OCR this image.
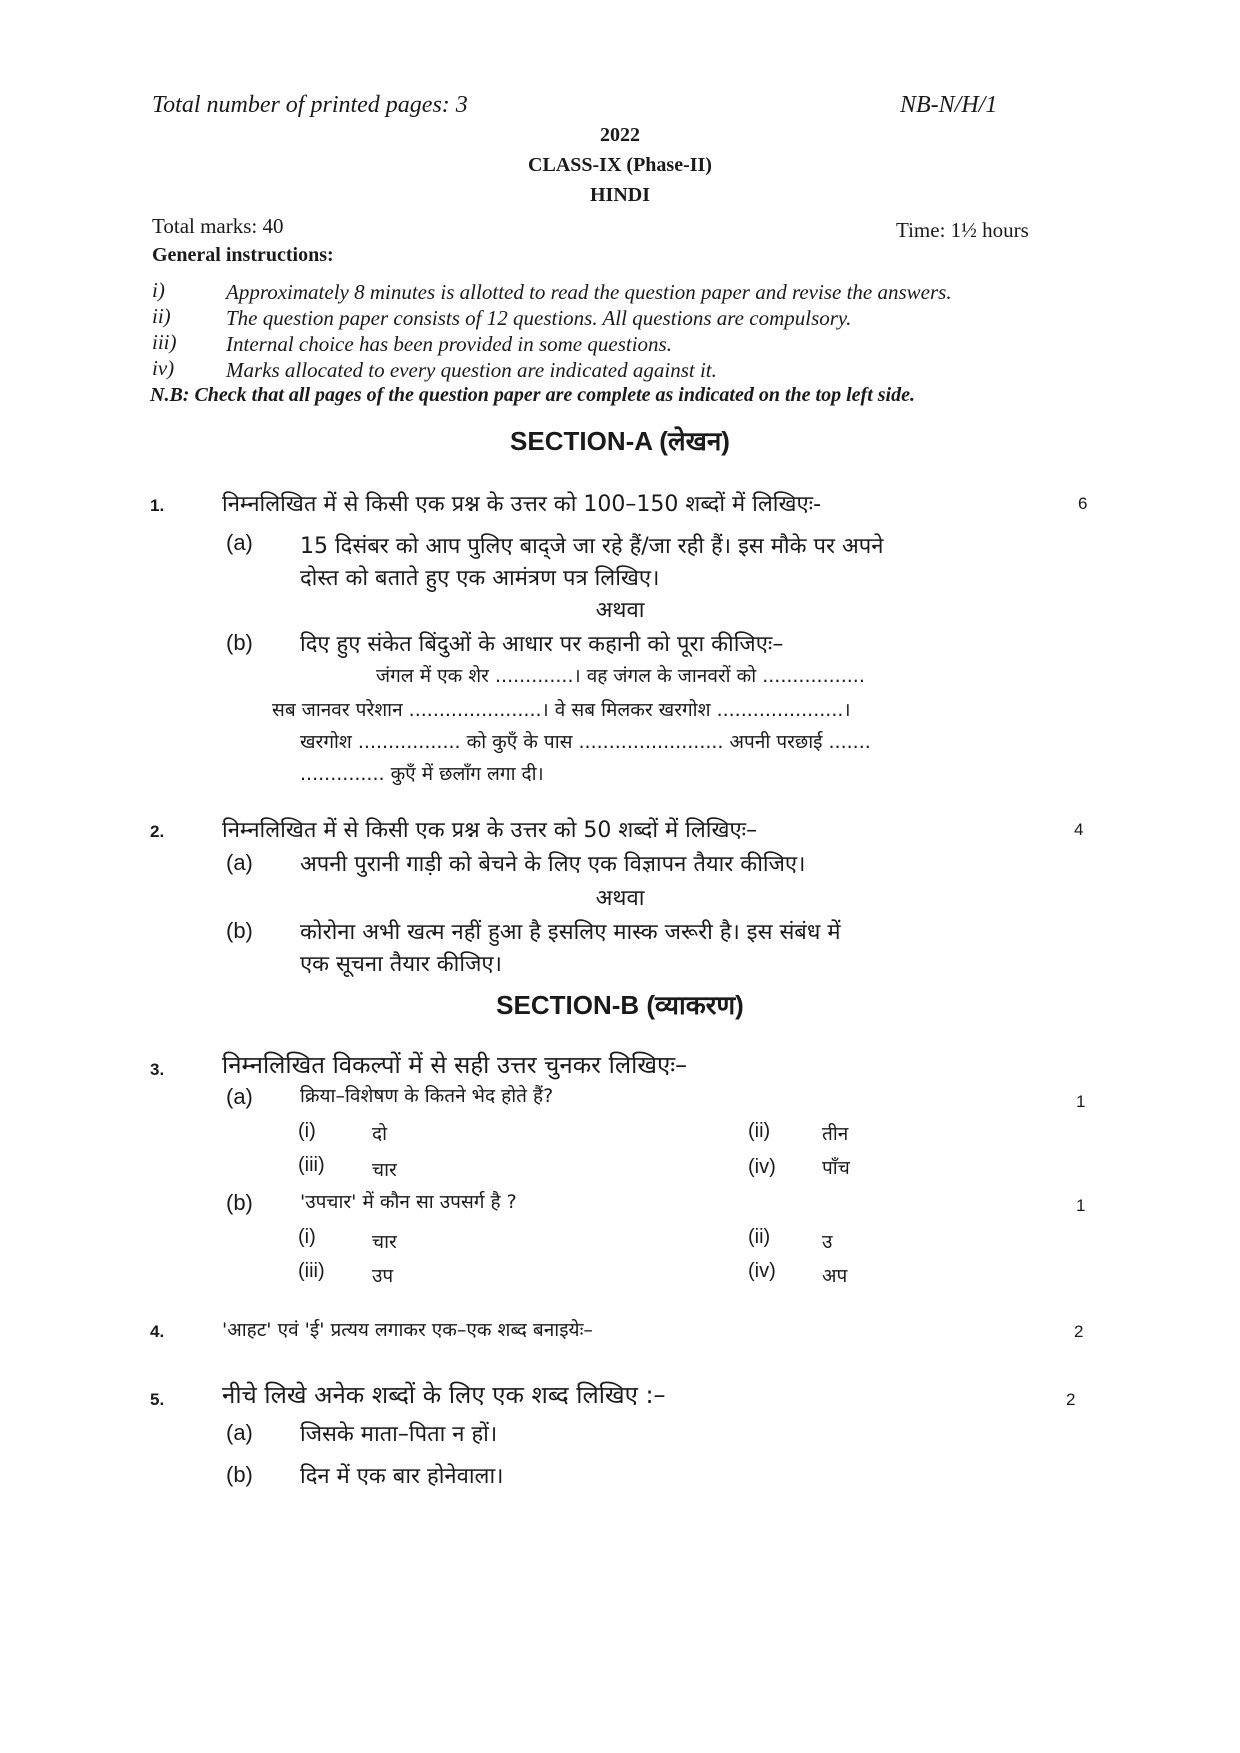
Total number of printed pages: 3	NB-N/H/1
2022
CLASS-IX (Phase-II)
HINDI
Total marks: 40	Time: 1½ hours
General instructions:
i)	Approximately 8 minutes is allotted to read the question paper and revise the answers.
ii)	The question paper consists of 12 questions. All questions are compulsory.
iii) Internal choice has been provided in some questions.
iv) Marks allocated to every question are indicated against it.
N.B: Check that all pages of the question paper are complete as indicated on the top left side.
SECTION-A (लेखन)
1.	निम्नलिखित में से किसी एक प्रश्न के उत्तर को 100–150 शब्दों में लिखिएः-	6
(a) 15 दिसंबर को आप पुलिए बाद्जे जा रहे हैं/जा रही हैं। इस मौके पर अपने
दोस्त को बताते हुए एक आमंत्रण पत्र लिखिए।
अथवा
(b) दिए हुए संकेत बिंदुओं के आधार पर कहानी को पूरा कीजिएः–
जंगल में एक शेर .............। वह जंगल के जानवरों को .................
सब जानवर परेशान ......................। वे सब मिलकर खरगोश .....................।
खरगोश ................. को कुएँ के पास ........................ अपनी परछाई .......
.............. कुएँ में छलाँग लगा दी।
2.	निम्नलिखित में से किसी एक प्रश्न के उत्तर को 50 शब्दों में लिखिएः–	4
(a) अपनी पुरानी गाड़ी को बेचने के लिए एक विज्ञापन तैयार कीजिए।
अथवा
(b) कोरोना अभी खत्म नहीं हुआ है इसलिए मास्क जरूरी है। इस संबंध में
एक सूचना तैयार कीजिए।
SECTION-B (व्याकरण)
3. निम्नलिखित विकल्पों में से सही उत्तर चुनकर लिखिएः–
(a) क्रिया–विशेषण के कितने भेद होते हैं?	1
(i)	दो	(ii)	तीन
(iii) चार	(iv) पाँच
(b) 'उपचार' में कौन सा उपसर्ग है ?	1
(i)	चार	(ii)	उ
(iii) उप	(iv) अप
4.	'आहट' एवं 'ई' प्रत्यय लगाकर एक–एक शब्द बनाइयेः–	2
5. नीचे लिखे अनेक शब्दों के लिए एक शब्द लिखिए :–	2
(a) जिसके माता–पिता न हों।
(b) दिन में एक बार होनेवाला।
